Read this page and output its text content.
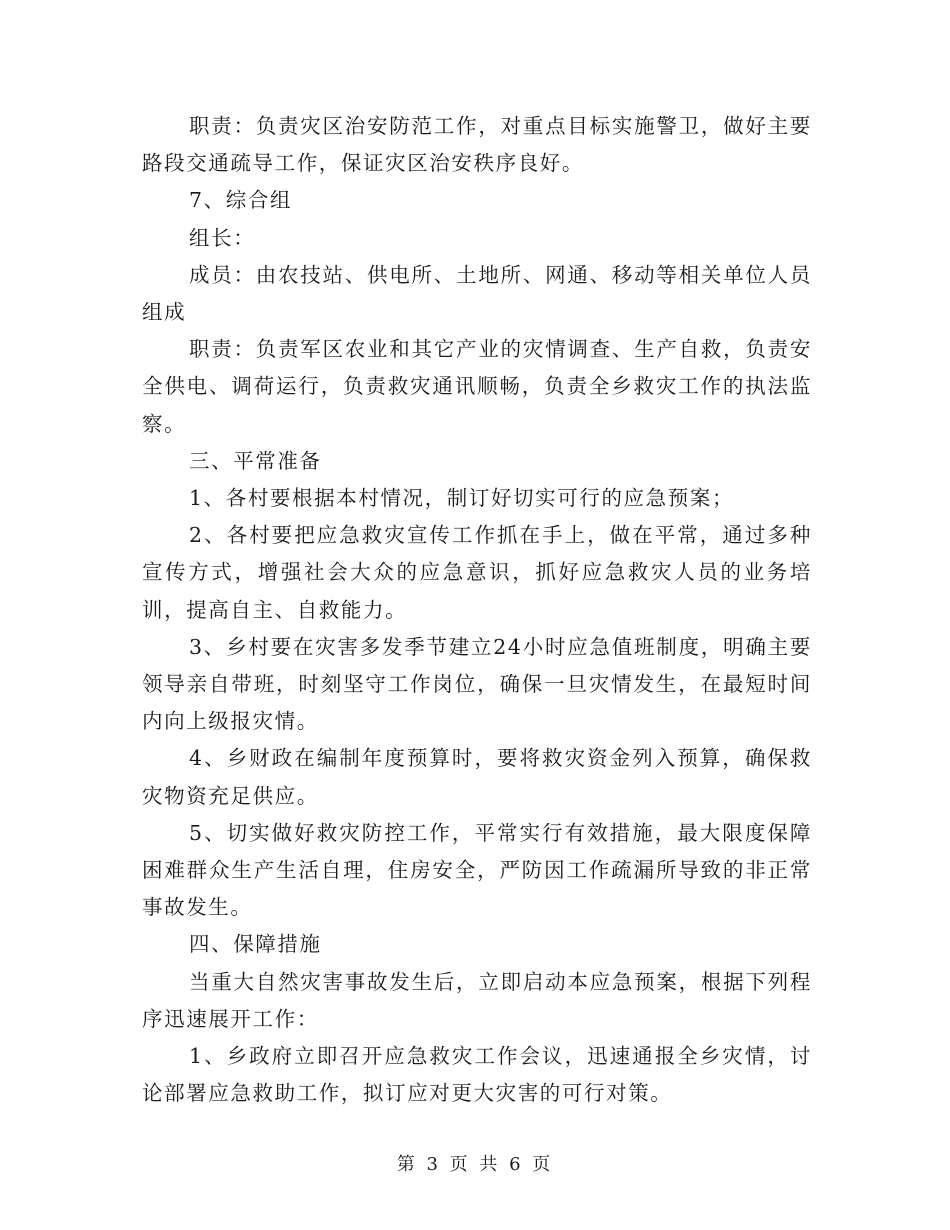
职责：负责灾区治安防范工作，对重点目标实施警卫，做好主要路段交通疏导工作，保证灾区治安秩序良好。

7、综合组

组长：

成员：由农技站、供电所、土地所、网通、移动等相关单位人员组成

职责：负责军区农业和其它产业的灾情调查、生产自救，负责安全供电、调荷运行，负责救灾通讯顺畅，负责全乡救灾工作的执法监察。

三、平常准备

1、各村要根据本村情况，制订好切实可行的应急预案；

2、各村要把应急救灾宣传工作抓在手上，做在平常，通过多种宣传方式，增强社会大众的应急意识，抓好应急救灾人员的业务培训，提高自主、自救能力。

3、乡村要在灾害多发季节建立24小时应急值班制度，明确主要领导亲自带班，时刻坚守工作岗位，确保一旦灾情发生，在最短时间内向上级报灾情。

4、乡财政在编制年度预算时，要将救灾资金列入预算，确保救灾物资充足供应。

5、切实做好救灾防控工作，平常实行有效措施，最大限度保障困难群众生产生活自理，住房安全，严防因工作疏漏所导致的非正常事故发生。

四、保障措施

当重大自然灾害事故发生后，立即启动本应急预案，根据下列程序迅速展开工作：

1、乡政府立即召开应急救灾工作会议，迅速通报全乡灾情，讨论部署应急救助工作，拟订应对更大灾害的可行对策。

第 3 页 共 6 页
